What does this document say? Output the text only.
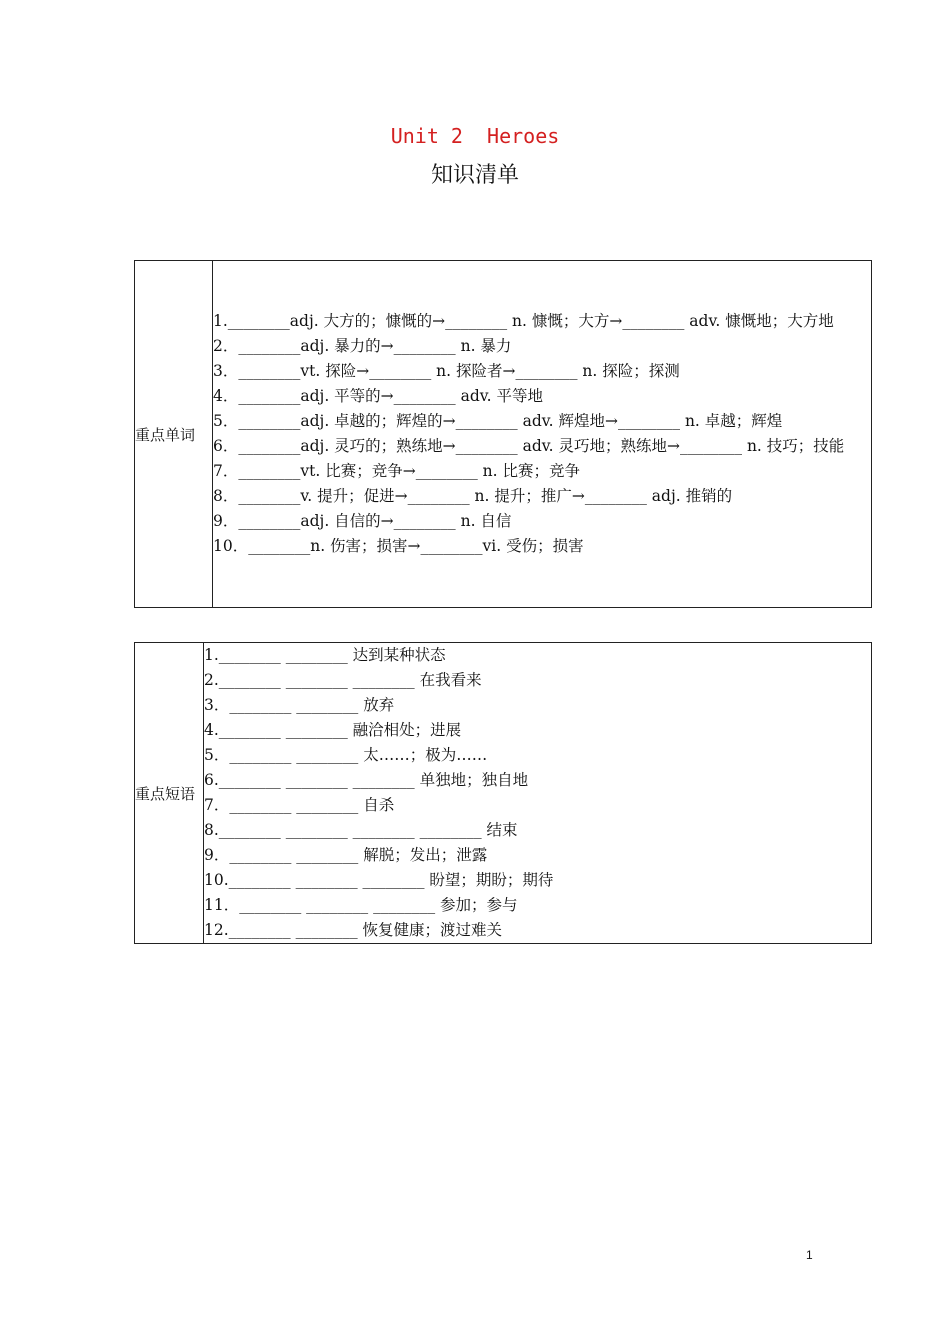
Unit 2  Heroes
知识清单
重点单词	
1.________adj. 大方的；慷慨的→________ n. 慷慨；大方→________ adv. 慷慨地；大方地
2．________adj. 暴力的→________ n. 暴力
3．________vt. 探险→________ n. 探险者→________ n. 探险；探测
4．________adj. 平等的→________ adv. 平等地
5．________adj. 卓越的；辉煌的→________ adv. 辉煌地→________ n. 卓越；辉煌
6．________adj. 灵巧的；熟练地→________ adv. 灵巧地；熟练地→________ n. 技巧；技能
7．________vt. 比赛；竞争→________ n. 比赛；竞争
8．________v. 提升；促进→________ n. 提升；推广→________ adj. 推销的
9．________adj. 自信的→________ n. 自信
10．________n. 伤害；损害→________vi. 受伤；损害
重点短语	
1.________ ________ 达到某种状态
2.________ ________ ________ 在我看来
3．________ ________ 放弃
4.________ ________ 融洽相处；进展
5．________ ________ 太……；极为……
6.________ ________ ________ 单独地；独自地
7．________ ________ 自杀
8.________ ________ ________ ________ 结束
9．________ ________ 解脱；发出；泄露
10.________ ________ ________ 盼望；期盼；期待
11．________ ________ ________ 参加；参与
12.________ ________ 恢复健康；渡过难关
1
